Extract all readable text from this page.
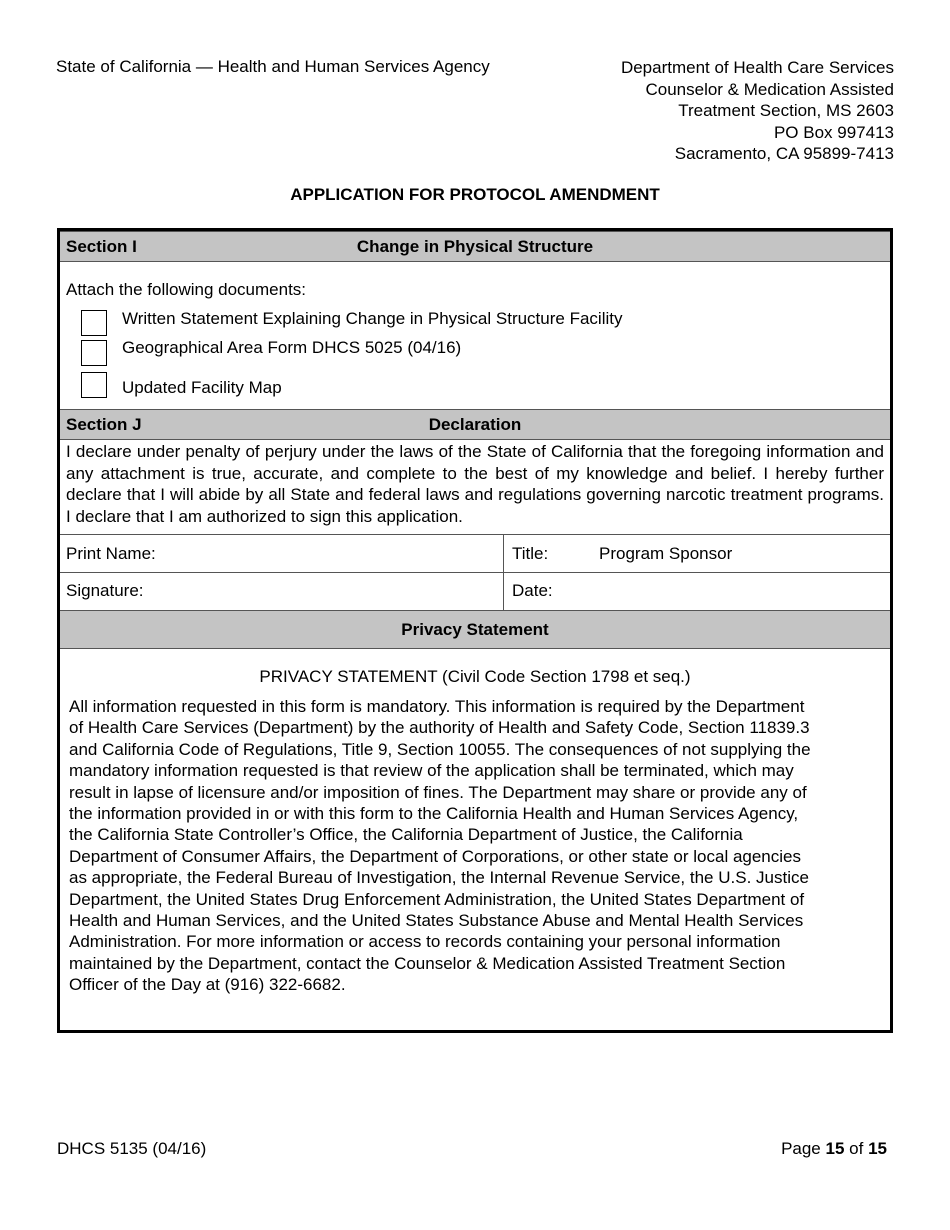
State of California — Health and Human Services Agency	Department of Health Care Services
Counselor & Medication Assisted
Treatment Section, MS 2603
PO Box 997413
Sacramento, CA 95899-7413
APPLICATION FOR PROTOCOL AMENDMENT
Section I	Change in Physical Structure
Attach the following documents:
Written Statement Explaining Change in Physical Structure Facility
Geographical Area Form DHCS 5025 (04/16)
Updated Facility Map
Section J	Declaration
I declare under penalty of perjury under the laws of the State of California that the foregoing information and any attachment is true, accurate, and complete to the best of my knowledge and belief. I hereby further declare that I will abide by all State and federal laws and regulations governing narcotic treatment programs. I declare that I am authorized to sign this application.
Print Name:	Title:	Program Sponsor
Signature:	Date:
Privacy Statement
PRIVACY STATEMENT (Civil Code Section 1798 et seq.)
All information requested in this form is mandatory. This information is required by the Department
of Health Care Services (Department) by the authority of Health and Safety Code, Section 11839.3
and California Code of Regulations, Title 9, Section 10055. The consequences of not supplying the
mandatory information requested is that review of the application shall be terminated, which may
result in lapse of licensure and/or imposition of fines. The Department may share or provide any of
the information provided in or with this form to the California Health and Human Services Agency,
the California State Controller’s Office, the California Department of Justice, the California
Department of Consumer Affairs, the Department of Corporations, or other state or local agencies
as appropriate, the Federal Bureau of Investigation, the Internal Revenue Service, the U.S. Justice
Department, the United States Drug Enforcement Administration, the United States Department of
Health and Human Services, and the United States Substance Abuse and Mental Health Services
Administration. For more information or access to records containing your personal information
maintained by the Department, contact the Counselor & Medication Assisted Treatment Section
Officer of the Day at (916) 322-6682.
DHCS 5135 (04/16)	Page 15 of 15
